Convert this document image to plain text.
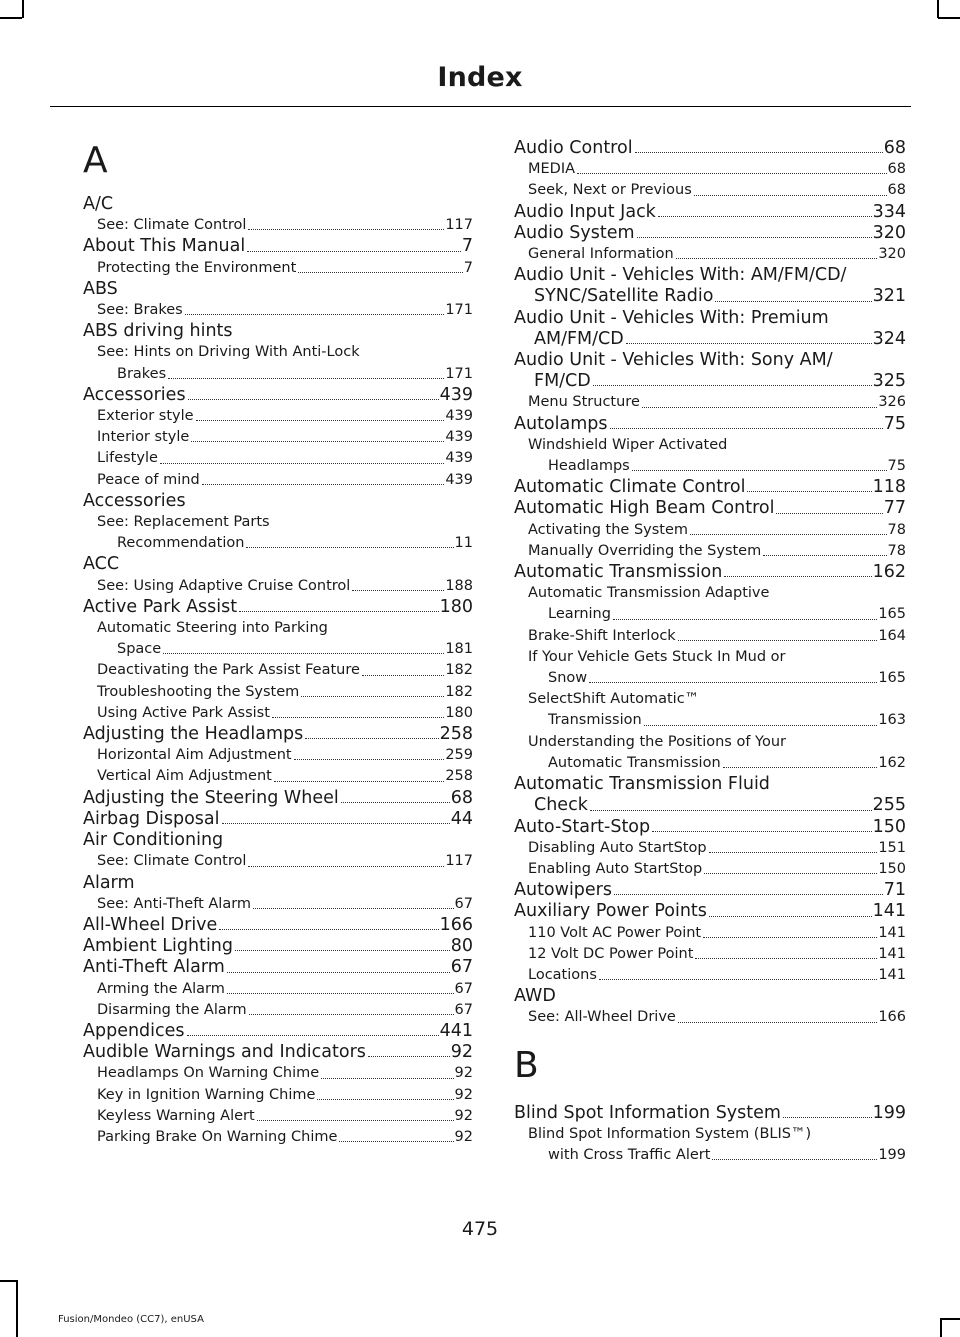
Index
A
A/C
See: Climate Control	117
About This Manual	7
Protecting the Environment	7
ABS
See: Brakes	171
ABS driving hints
See: Hints on Driving With Anti-Lock
Brakes	171
Accessories	439
Exterior style	439
Interior style	439
Lifestyle	439
Peace of mind	439
Accessories
See: Replacement Parts
Recommendation	11
ACC
See: Using Adaptive Cruise Control	188
Active Park Assist	180
Automatic Steering into Parking
Space	181
Deactivating the Park Assist Feature	182
Troubleshooting the System	182
Using Active Park Assist	180
Adjusting the Headlamps	258
Horizontal Aim Adjustment	259
Vertical Aim Adjustment	258
Adjusting the Steering Wheel	68
Airbag Disposal	44
Air Conditioning
See: Climate Control	117
Alarm
See: Anti-Theft Alarm	67
All-Wheel Drive	166
Ambient Lighting	80
Anti-Theft Alarm	67
Arming the Alarm	67
Disarming the Alarm	67
Appendices	441
Audible Warnings and Indicators	92
Headlamps On Warning Chime	92
Key in Ignition Warning Chime	92
Keyless Warning Alert	92
Parking Brake On Warning Chime	92
Audio Control	68
MEDIA	68
Seek, Next or Previous	68
Audio Input Jack	334
Audio System	320
General Information	320
Audio Unit - Vehicles With: AM/FM/CD/
SYNC/Satellite Radio	321
Audio Unit - Vehicles With: Premium
AM/FM/CD	324
Audio Unit - Vehicles With: Sony AM/
FM/CD	325
Menu Structure	326
Autolamps	75
Windshield Wiper Activated
Headlamps	75
Automatic Climate Control	118
Automatic High Beam Control	77
Activating the System	78
Manually Overriding the System	78
Automatic Transmission	162
Automatic Transmission Adaptive
Learning	165
Brake-Shift Interlock	164
If Your Vehicle Gets Stuck In Mud or
Snow	165
SelectShift Automatic™
Transmission	163
Understanding the Positions of Your
Automatic Transmission	162
Automatic Transmission Fluid
Check	255
Auto-Start-Stop	150
Disabling Auto StartStop	151
Enabling Auto StartStop	150
Autowipers	71
Auxiliary Power Points	141
110 Volt AC Power Point	141
12 Volt DC Power Point	141
Locations	141
AWD
See: All-Wheel Drive	166
B
Blind Spot Information System	199
Blind Spot Information System (BLIS™)
with Cross Traffic Alert	199
475
Fusion/Mondeo (CC7), enUSA
